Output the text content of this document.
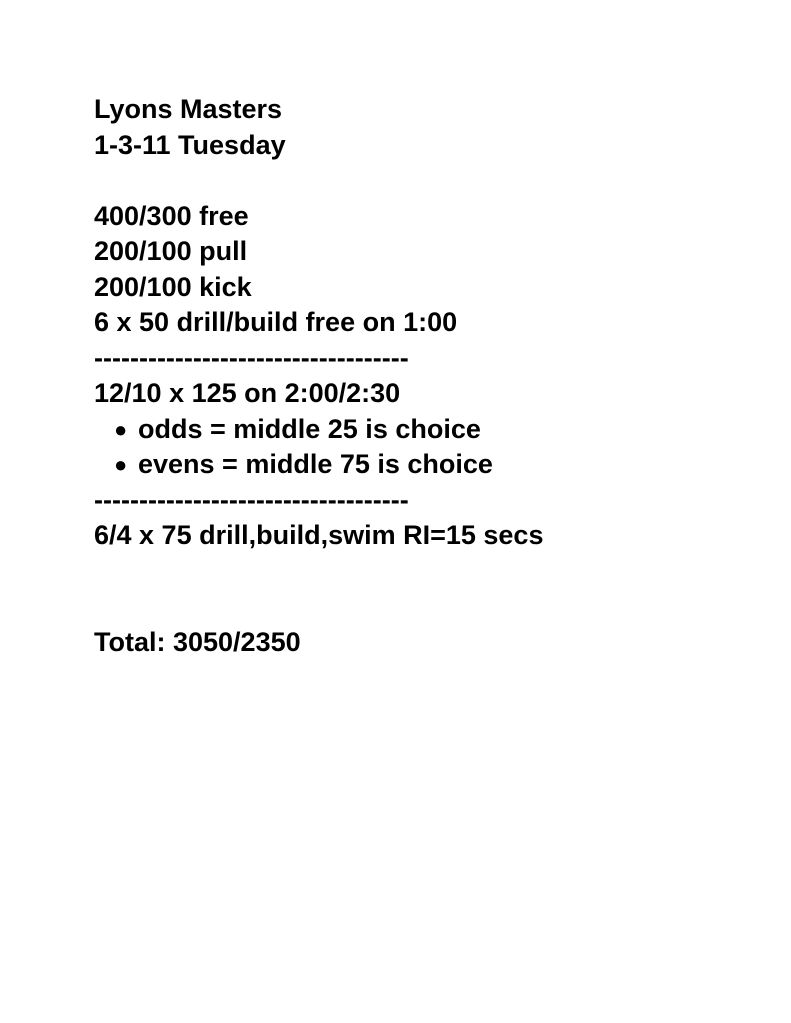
Lyons Masters
1-3-11 Tuesday
400/300 free
200/100 pull
200/100 kick
6 x 50 drill/build free on 1:00
-----------------------------------
12/10 x 125 on 2:00/2:30
● odds = middle 25 is choice
● evens = middle 75 is choice
-----------------------------------
6/4 x 75 drill,build,swim RI=15 secs
Total: 3050/2350
